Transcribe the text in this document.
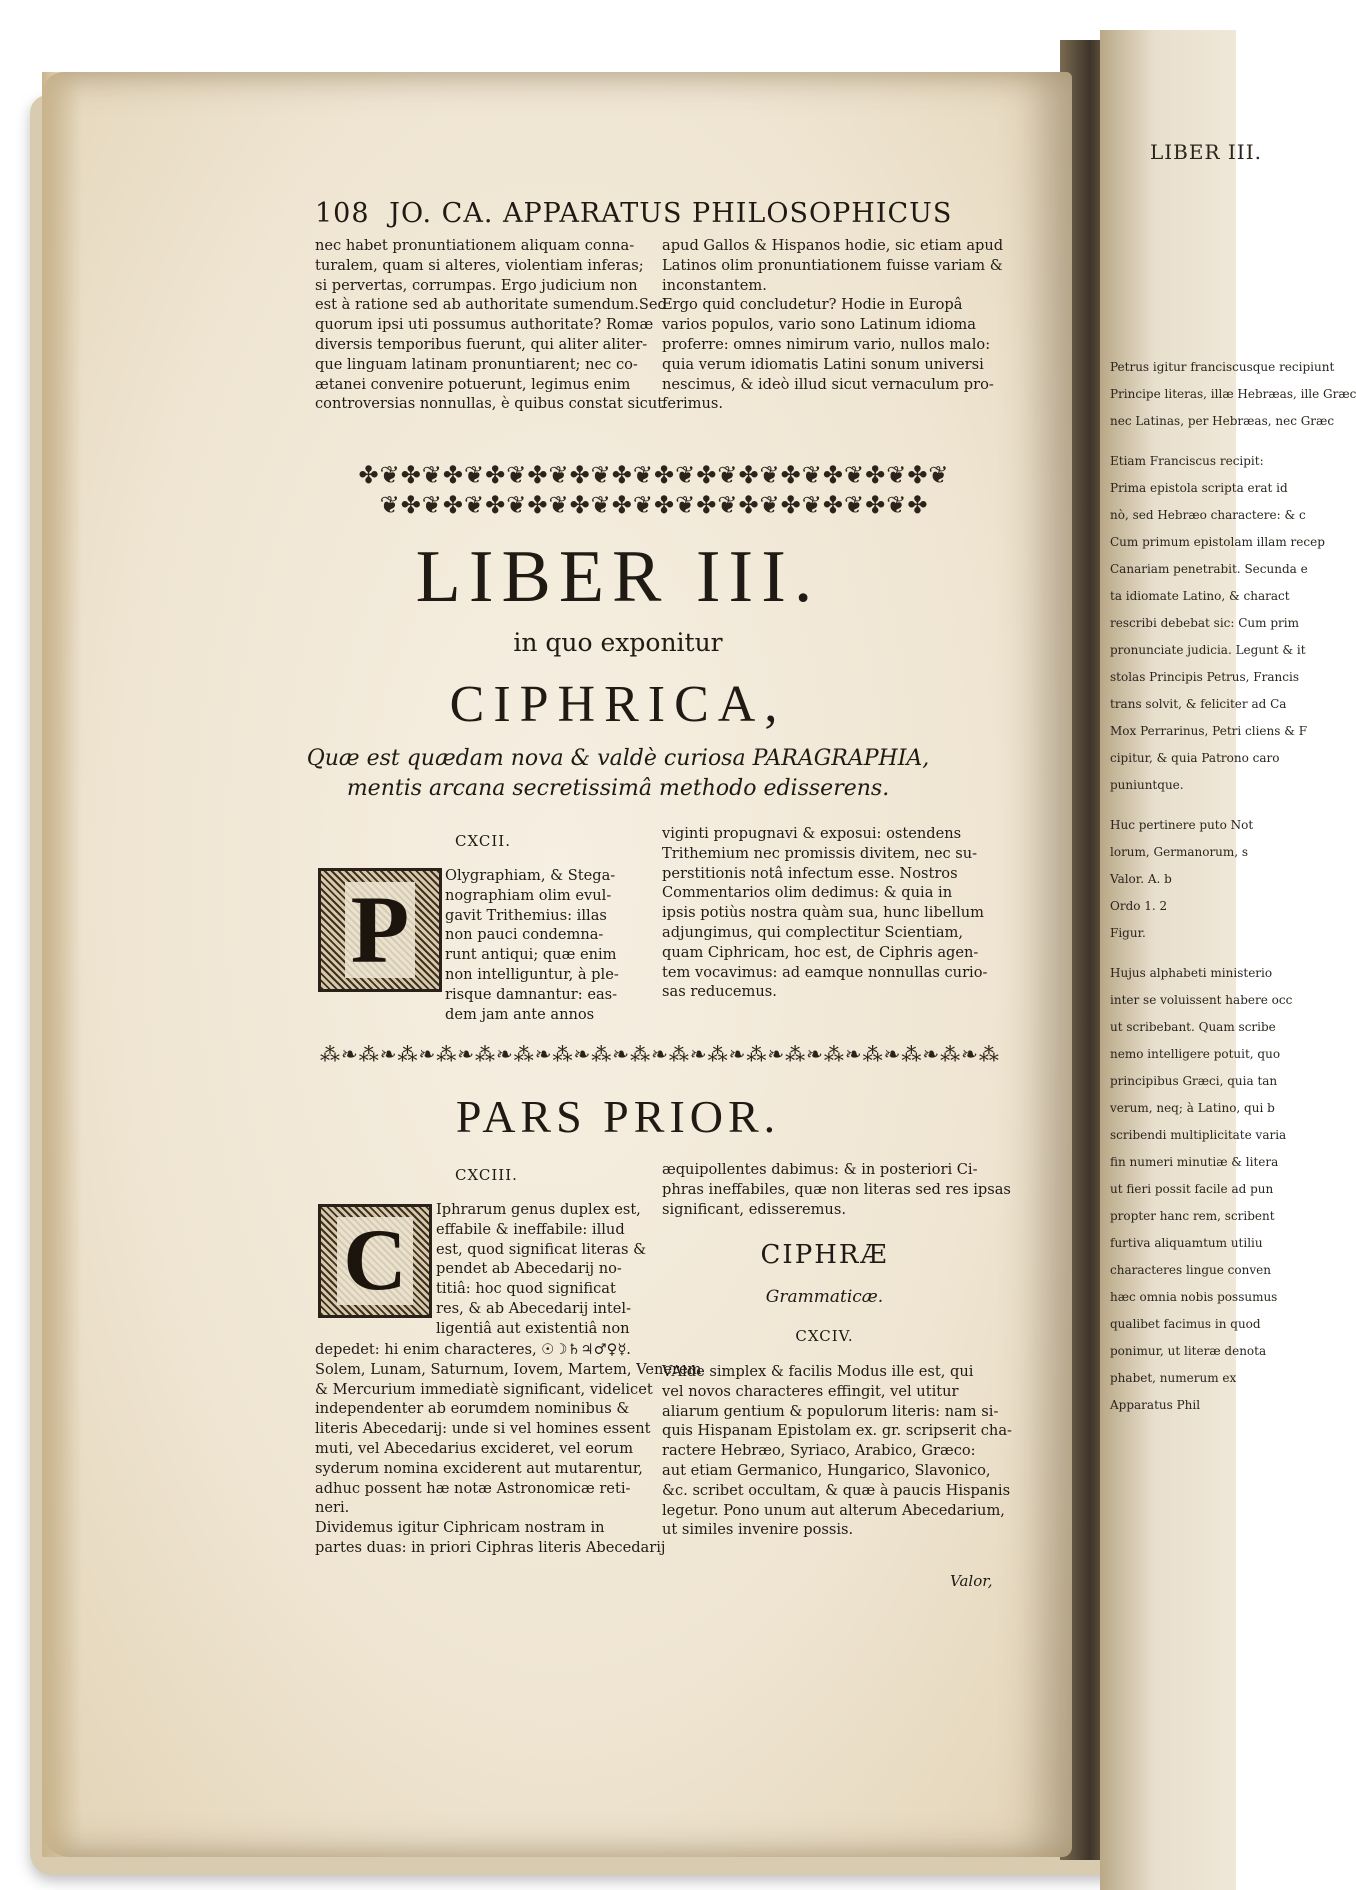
LIBER III.
Petrus igitur franciscusque recipiunt
Principe literas, illæ Hebræas, ille Græc
nec Latinas, per Hebræas, nec Græc
Etiam Franciscus recipit:
Prima epistola scripta erat id
nò, sed Hebræo charactere: & c
Cum primum epistolam illam recep
Canariam penetrabit. Secunda e
ta idiomate Latino, & charact
rescribi debebat sic: Cum prim
pronunciate judicia. Legunt & it
stolas Principis Petrus, Francis
trans solvit, & feliciter ad Ca
Mox Perrarinus, Petri cliens & F
cipitur, & quia Patrono caro
puniuntque.
Huc pertinere puto Not
lorum, Germanorum, s
Valor. A. b
Ordo 1. 2
Figur.
Hujus alphabeti ministerio
inter se voluissent habere occ
ut scribebant. Quam scribe
nemo intelligere potuit, quo
principibus Græci, quia tan
verum, neq; à Latino, qui b
scribendi multiplicitate varia
fin numeri minutiæ & litera
ut fieri possit facile ad pun
propter hanc rem, scribent
furtiva aliquamtum utiliu
characteres lingue conven
hæc omnia nobis possumus
qualibet facimus in quod
ponimur, ut literæ denota
phabet, numerum ex
Apparatus Phil
108 JO. CA. APPARATUS PHILOSOPHICUS
nec habet pronuntiationem aliquam conna-
turalem, quam si alteres, violentiam inferas;
si pervertas, corrumpas. Ergo judicium non
est à ratione sed ab authoritate sumendum.Sed
quorum ipsi uti possumus authoritate? Romæ
diversis temporibus fuerunt, qui aliter aliter-
que linguam latinam pronuntiarent; nec co-
ætanei convenire potuerunt, legimus enim
controversias nonnullas, è quibus constat sicut
apud Gallos & Hispanos hodie, sic etiam apud
Latinos olim pronuntiationem fuisse variam &
inconstantem.
Ergo quid concludetur? Hodie in Europâ
varios populos, vario sono Latinum idioma
proferre: omnes nimirum vario, nullos malo:
quia verum idiomatis Latini sonum universi
nescimus, & ideò illud sicut vernaculum pro-
ferimus.
✤❦✤❦✤❦✤❦✤❦✤❦✤❦✤❦✤❦✤❦✤❦✤❦✤❦✤❦
❦✤❦✤❦✤❦✤❦✤❦✤❦✤❦✤❦✤❦✤❦✤❦✤❦✤
LIBER III.
in quo exponitur
CIPHRICA,
Quæ est quædam nova & valdè curiosa PARAGRAPHIA,
mentis arcana secretissimâ methodo edisserens.
CXCII.
P
Olygraphiam, & Stega-
nographiam olim evul-
gavit Trithemius: illas
non pauci condemna-
runt antiqui; quæ enim
non intelliguntur, à ple-
risque damnantur: eas-
dem jam ante annos
viginti propugnavi & exposui: ostendens
Trithemium nec promissis divitem, nec su-
perstitionis notâ infectum esse. Nostros
Commentarios olim dedimus: & quia in
ipsis potiùs nostra quàm sua, hunc libellum
adjungimus, qui complectitur Scientiam,
quam Ciphricam, hoc est, de Ciphris agen-
tem vocavimus: ad eamque nonnullas curio-
sas reducemus.
⁂❧⁂❧⁂❧⁂❧⁂❧⁂❧⁂❧⁂❧⁂❧⁂❧⁂❧⁂❧⁂❧⁂❧⁂❧⁂❧⁂❧⁂
PARS PRIOR.
CXCIII.
C
Iphrarum genus duplex est,
effabile & ineffabile: illud
est, quod significat literas &
pendet ab Abecedarij no-
titiâ: hoc quod significat
res, & ab Abecedarij intel-
ligentiâ aut existentiâ non
depedet: hi enim characteres, ☉☽♄♃♂♀☿.
Solem, Lunam, Saturnum, Iovem, Martem, Venerem
& Mercurium immediatè significant, videlicet
independenter ab eorumdem nominibus &
literis Abecedarij: unde si vel homines essent
muti, vel Abecedarius excideret, vel eorum
syderum nomina exciderent aut mutarentur,
adhuc possent hæ notæ Astronomicæ reti-
neri.
Dividemus igitur Ciphricam nostram in
partes duas: in priori Ciphras literis Abecedarij
æquipollentes dabimus: & in posteriori Ci-
phras ineffabiles, quæ non literas sed res ipsas
significant, edisseremus.
CIPHRÆ
Grammaticæ.
CXCIV.
VAlde simplex & facilis Modus ille est, qui
vel novos characteres effingit, vel utitur
aliarum gentium & populorum literis: nam si-
quis Hispanam Epistolam ex. gr. scripserit cha-
ractere Hebræo, Syriaco, Arabico, Græco:
aut etiam Germanico, Hungarico, Slavonico,
&c. scribet occultam, & quæ à paucis Hispanis
legetur. Pono unum aut alterum Abecedarium,
ut similes invenire possis.
Valor,
